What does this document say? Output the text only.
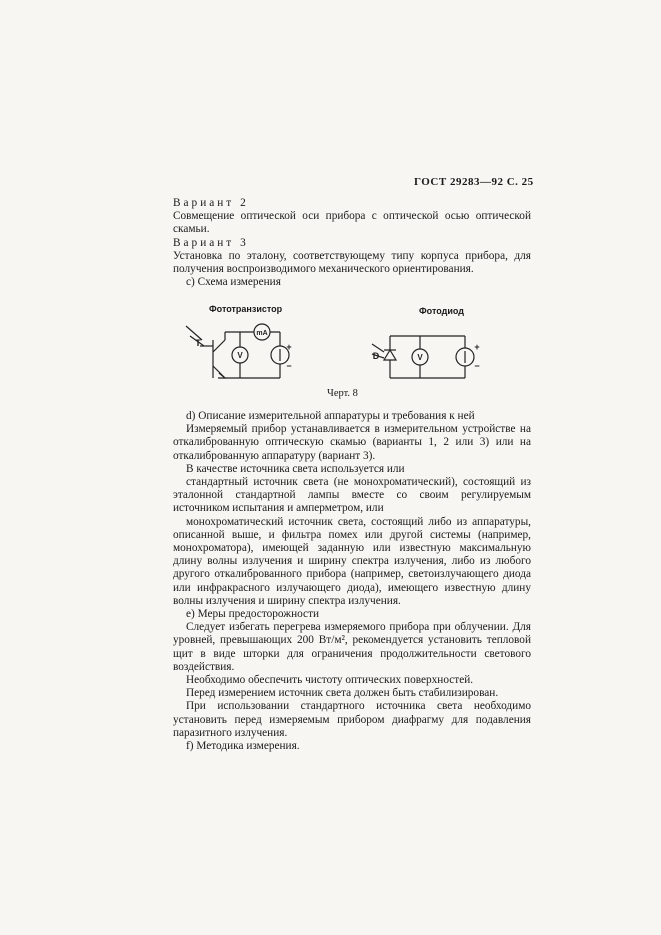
ГОСТ 29283—92 С. 25

Вариант 2

Совмещение оптической оси прибора с оптической осью оптической скамьи.

Вариант 3

Установка по эталону, соответствующему типу корпуса прибора, для получения воспроизводимого механического ориентирования.

c) Схема измерения

Фототранзистор	Фотодиод
mA
V
+
−
T
V
+
−
D
Черт. 8

d) Описание измерительной аппаратуры и требования к ней

Измеряемый прибор устанавливается в измерительном устройстве на откалиброванную оптическую скамью (варианты 1, 2 или 3) или на откалиброванную аппаратуру (вариант 3).

В качестве источника света используется или

стандартный источник света (не монохроматический), состоящий из эталонной стандартной лампы вместе со своим регулируемым источником испытания и амперметром, или

монохроматический источник света, состоящий либо из аппаратуры, описанной выше, и фильтра помех или другой системы (например, монохроматора), имеющей заданную или известную максимальную длину волны излучения и ширину спектра излучения, либо из любого другого откалиброванного прибора (например, светоизлучающего диода или инфракрасного излучающего диода), имеющего известную длину волны излучения и ширину спектра излучения.

е) Меры предосторожности

Следует избегать перегрева измеряемого прибора при облучении. Для уровней, превышающих 200 Вт/м², рекомендуется установить тепловой щит в виде шторки для ограничения продолжительности светового воздействия.

Необходимо обеспечить чистоту оптических поверхностей.

Перед измерением источник света должен быть стабилизирован.

При использовании стандартного источника света необходимо установить перед измеряемым прибором диафрагму для подавления паразитного излучения.

f) Методика измерения.
